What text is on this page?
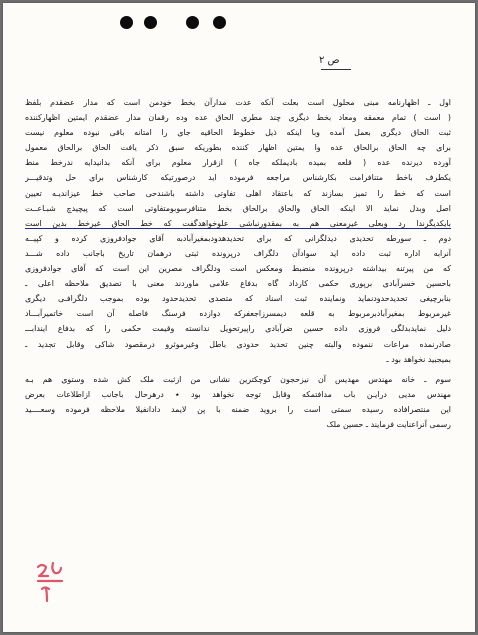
ص ۲
اول ـ اظهارنامه مبنی محلول است بعلت آنکه عدت مدارآن بخط خودمن است که مدار عضقدم بلفظ
( است ) تمام معمقه ومعاد بخط دیگری چند مطری الحاق عده وده رقمان مدار عضقدم ایمتین اظهارکننده
ثبت الحاق دیگری بعمل آمده وبا اینکه ذیل خطوط الحاقیه جای را امتانه باقی نبوده معلوم نیست
برای چه الحاق برالحاق عده وا یمتین اظهار کننده بطوریکه سبق ذکر یافت الحاق برالحاق معمول
آورده دیرنده عده ( قلعه بمیده بادیملکه جاه ) ازقرار معلوم برای آنکه بدانیدایه ندرخط منط
یکطرف باخط متنافرامت بکارشناس مراجعه فرموده اید درصورتیکه کارشناس برای حل وتدقیـــر
است که خط را تمیز بسازند که باعتقاد اهلی تفاوتی داشته باشندحی صاحب خط عیزاندیـه تعیین
اصل وبدل نماید الا اینکه الحاق والحاق برالحاق بخط متنافرسوبومتفاوتی است که پیچیدچ شبـاعــت
بایکدیگرندا رد وبعلی غیرمعنی هم به بمقدورنباشی علوخواهدگفت که خط الحاق غیرخط بدین است
دوم ـ سورطه تحدیدی دیدلگرانی که برای تحدیدهدودبمغیرآبادبه آقای جوادفروزی کرده و کپیــه
آنرابه اداره ثبت داده اید سوادآن دلگراف درپرونده ثبتی درهمان تاریخ باجانب داده شـــد
که من پیرتنه بیداشته درپرونده منضبط ومعکس است ودلگراف مصرین این است که آقای جوادفروزی
باحسین خسرآبادی برپوری حکمی کارداد گاه بدفاع علامی ماوردند معنی با تصدیق ملاحظه اعلی ـ
بنابرچیغی تحدیدحدودنماید ونماینده ثبت اسناد که متصدی تحدیدحدود بوده بموجب دلگرافـی دیگری
غیرمربوط بمغیرآبادبرمربوط به قلعه دیمسرزاجعفرکه دوازده فرسنگ فاصله آن است خاتمیرآبـــاد
دلیل نمایدبدلگی فروزی داده حسین ضرآبادی راپیرتحویل ندانسته وقیمت حکمی را که بدفاع ایندابـــ
صادرنمده مراعات ننموده والبته چنین تحدید حدودی باطل وغیرموثرو درمقصود شاکی وقابل تجدید ـ
بمیجبید نخواهد بود ـ
سوم ـ خانه مهندس مهدیس آن نیزحجون کوچکترین نشانی من ازثبت ملک کش شده وستوی هم بـه
مهندس مدیی درایـن باب مدافتمکه وقابل توجه نخواهد بود ٭ درهرحال باجانب ازاطلاعات بعرض
این منتصرافاده رسیده سمتی است را بروید ضمنه با پن لایمد دادانفیلا ملاحظه فرموده وسعــــید
رسمی آنراعنایت فرمایند ـ حسین ملک
